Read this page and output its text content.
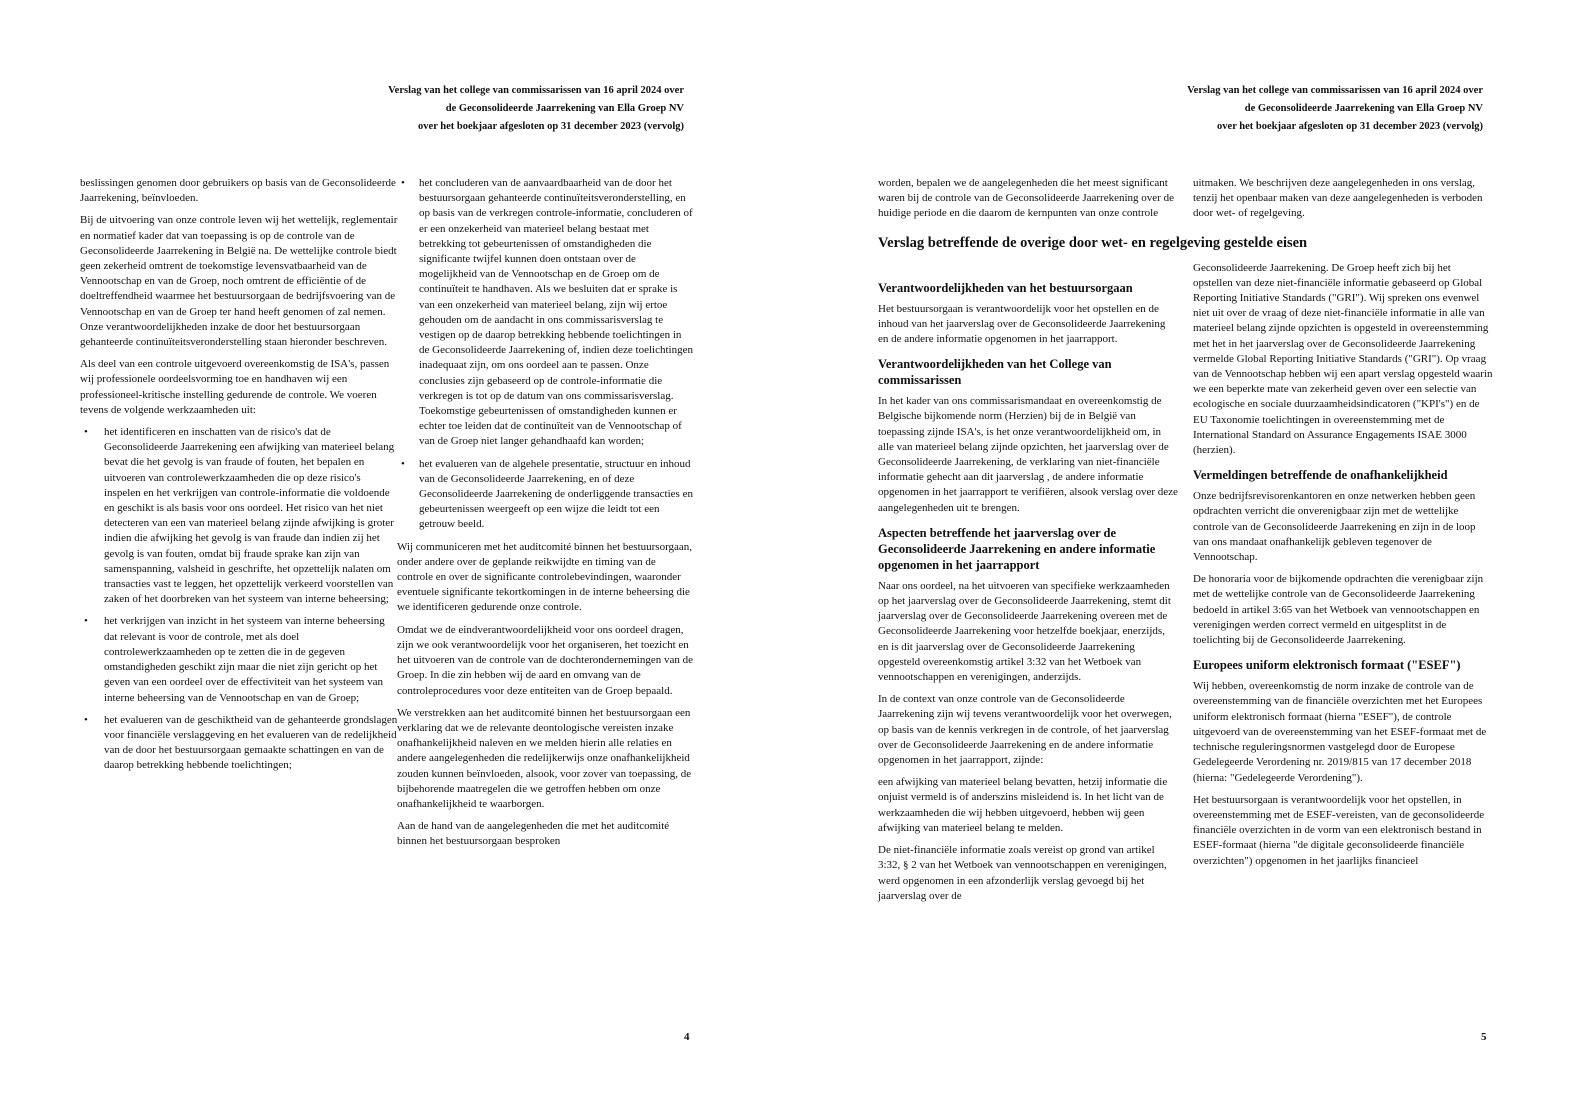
Verslag van het college van commissarissen van 16 april 2024 over
de Geconsolideerde Jaarrekening van Ella Groep NV
over het boekjaar afgesloten op 31 december 2023 (vervolg)

beslissingen genomen door gebruikers op basis van de Geconsolideerde Jaarrekening, beïnvloeden.

Bij de uitvoering van onze controle leven wij het wettelijk, reglementair en normatief kader dat van toepassing is op de controle van de Geconsolideerde Jaarrekening in België na. De wettelijke controle biedt geen zekerheid omtrent de toekomstige levensvatbaarheid van de Vennootschap en van de Groep, noch omtrent de efficiëntie of de doeltreffendheid waarmee het bestuursorgaan de bedrijfsvoering van de Vennootschap en van de Groep ter hand heeft genomen of zal nemen. Onze verantwoordelijkheden inzake de door het bestuursorgaan gehanteerde continuïteitsveronderstelling staan hieronder beschreven.

Als deel van een controle uitgevoerd overeenkomstig de ISA's, passen wij professionele oordeelsvorming toe en handhaven wij een professioneel-kritische instelling gedurende de controle. We voeren tevens de volgende werkzaamheden uit:

• het identificeren en inschatten van de risico's dat de Geconsolideerde Jaarrekening een afwijking van materieel belang bevat die het gevolg is van fraude of fouten, het bepalen en uitvoeren van controlewerkzaamheden die op deze risico's inspelen en het verkrijgen van controle-informatie die voldoende en geschikt is als basis voor ons oordeel. Het risico van het niet detecteren van een van materieel belang zijnde afwijking is groter indien die afwijking het gevolg is van fraude dan indien zij het gevolg is van fouten, omdat bij fraude sprake kan zijn van samenspanning, valsheid in geschrifte, het opzettelijk nalaten om transacties vast te leggen, het opzettelijk verkeerd voorstellen van zaken of het doorbreken van het systeem van interne beheersing;
• het verkrijgen van inzicht in het systeem van interne beheersing dat relevant is voor de controle, met als doel controlewerkzaamheden op te zetten die in de gegeven omstandigheden geschikt zijn maar die niet zijn gericht op het geven van een oordeel over de effectiviteit van het systeem van interne beheersing van de Vennootschap en van de Groep;
• het evalueren van de geschiktheid van de gehanteerde grondslagen voor financiële verslaggeving en het evalueren van de redelijkheid van de door het bestuursorgaan gemaakte schattingen en van de daarop betrekking hebbende toelichtingen;
• het concluderen van de aanvaardbaarheid van de door het bestuursorgaan gehanteerde continuïteitsveronderstelling, en op basis van de verkregen controle-informatie, concluderen of er een onzekerheid van materieel belang bestaat met betrekking tot gebeurtenissen of omstandigheden die significante twijfel kunnen doen ontstaan over de mogelijkheid van de Vennootschap en de Groep om de continuïteit te handhaven. Als we besluiten dat er sprake is van een onzekerheid van materieel belang, zijn wij ertoe gehouden om de aandacht in ons commissarisverslag te vestigen op de daarop betrekking hebbende toelichtingen in de Geconsolideerde Jaarrekening of, indien deze toelichtingen inadequaat zijn, om ons oordeel aan te passen. Onze conclusies zijn gebaseerd op de controle-informatie die verkregen is tot op de datum van ons commissarisverslag. Toekomstige gebeurtenissen of omstandigheden kunnen er echter toe leiden dat de continuïteit van de Vennootschap of van de Groep niet langer gehandhaafd kan worden;
• het evalueren van de algehele presentatie, structuur en inhoud van de Geconsolideerde Jaarrekening, en of deze Geconsolideerde Jaarrekening de onderliggende transacties en gebeurtenissen weergeeft op een wijze die leidt tot een getrouw beeld.

Wij communiceren met het auditcomité binnen het bestuursorgaan, onder andere over de geplande reikwijdte en timing van de controle en over de significante controlebevindingen, waaronder eventuele significante tekortkomingen in de interne beheersing die we identificeren gedurende onze controle.

Omdat we de eindverantwoordelijkheid voor ons oordeel dragen, zijn we ook verantwoordelijk voor het organiseren, het toezicht en het uitvoeren van de controle van de dochterondernemingen van de Groep. In die zin hebben wij de aard en omvang van de controleprocedures voor deze entiteiten van de Groep bepaald.

We verstrekken aan het auditcomité binnen het bestuursorgaan een verklaring dat we de relevante deontologische vereisten inzake onafhankelijkheid naleven en we melden hierin alle relaties en andere aangelegenheden die redelijkerwijs onze onafhankelijkheid zouden kunnen beïnvloeden, alsook, voor zover van toepassing, de bijbehorende maatregelen die we getroffen hebben om onze onafhankelijkheid te waarborgen.

Aan de hand van de aangelegenheden die met het auditcomité binnen het bestuursorgaan besproken

4
Verslag van het college van commissarissen van 16 april 2024 over
de Geconsolideerde Jaarrekening van Ella Groep NV
over het boekjaar afgesloten op 31 december 2023 (vervolg)

worden, bepalen we de aangelegenheden die het meest significant waren bij de controle van de Geconsolideerde Jaarrekening over de huidige periode en die daarom de kernpunten van onze controle

Verantwoordelijkheden van het bestuursorgaan

Het bestuursorgaan is verantwoordelijk voor het opstellen en de inhoud van het jaarverslag over de Geconsolideerde Jaarrekening en de andere informatie opgenomen in het jaarrapport.

Verantwoordelijkheden van het College van commissarissen

In het kader van ons commissarismandaat en overeenkomstig de Belgische bijkomende norm (Herzien) bij de in België van toepassing zijnde ISA's, is het onze verantwoordelijkheid om, in alle van materieel belang zijnde opzichten, het jaarverslag over de Geconsolideerde Jaarrekening, de verklaring van niet-financiële informatie gehecht aan dit jaarverslag , de andere informatie opgenomen in het jaarrapport te verifiëren, alsook verslag over deze aangelegenheden uit te brengen.

Aspecten betreffende het jaarverslag over de Geconsolideerde Jaarrekening en andere informatie opgenomen in het jaarrapport

Naar ons oordeel, na het uitvoeren van specifieke werkzaamheden op het jaarverslag over de Geconsolideerde Jaarrekening, stemt dit jaarverslag over de Geconsolideerde Jaarrekening overeen met de Geconsolideerde Jaarrekening voor hetzelfde boekjaar, enerzijds, en is dit jaarverslag over de Geconsolideerde Jaarrekening opgesteld overeenkomstig artikel 3:32 van het Wetboek van vennootschappen en verenigingen, anderzijds.

In de context van onze controle van de Geconsolideerde Jaarrekening zijn wij tevens verantwoordelijk voor het overwegen, op basis van de kennis verkregen in de controle, of het jaarverslag over de Geconsolideerde Jaarrekening en de andere informatie opgenomen in het jaarrapport, zijnde:

een afwijking van materieel belang bevatten, hetzij informatie die onjuist vermeld is of anderszins misleidend is. In het licht van de werkzaamheden die wij hebben uitgevoerd, hebben wij geen afwijking van materieel belang te melden.

De niet-financiële informatie zoals vereist op grond van artikel 3:32, § 2 van het Wetboek van vennootschappen en verenigingen, werd opgenomen in een afzonderlijk verslag gevoegd bij het jaarverslag over de

Verslag betreffende de overige door wet- en regelgeving gestelde eisen

uitmaken. We beschrijven deze aangelegenheden in ons verslag, tenzij het openbaar maken van deze aangelegenheden is verboden door wet- of regelgeving.

Geconsolideerde Jaarrekening. De Groep heeft zich bij het opstellen van deze niet-financiële informatie gebaseerd op Global Reporting Initiative Standards ("GRI"). Wij spreken ons evenwel niet uit over de vraag of deze niet-financiële informatie in alle van materieel belang zijnde opzichten is opgesteld in overeenstemming met het in het jaarverslag over de Geconsolideerde Jaarrekening vermelde Global Reporting Initiative Standards ("GRI"). Op vraag van de Vennootschap hebben wij een apart verslag opgesteld waarin we een beperkte mate van zekerheid geven over een selectie van ecologische en sociale duurzaamheidsindicatoren ("KPI's") en de EU Taxonomie toelichtingen in overeenstemming met de International Standard on Assurance Engagements ISAE 3000 (herzien).

Vermeldingen betreffende de onafhankelijkheid

Onze bedrijfsrevisorenkantoren en onze netwerken hebben geen opdrachten verricht die onverenigbaar zijn met de wettelijke controle van de Geconsolideerde Jaarrekening en zijn in de loop van ons mandaat onafhankelijk gebleven tegenover de Vennootschap.

De honoraria voor de bijkomende opdrachten die verenigbaar zijn met de wettelijke controle van de Geconsolideerde Jaarrekening bedoeld in artikel 3:65 van het Wetboek van vennootschappen en verenigingen werden correct vermeld en uitgesplitst in de toelichting bij de Geconsolideerde Jaarrekening.

Europees uniform elektronisch formaat ("ESEF")

Wij hebben, overeenkomstig de norm inzake de controle van de overeenstemming van de financiële overzichten met het Europees uniform elektronisch formaat (hierna "ESEF"), de controle uitgevoerd van de overeenstemming van het ESEF-formaat met de technische reguleringsnormen vastgelegd door de Europese Gedelegeerde Verordening nr. 2019/815 van 17 december 2018 (hierna: "Gedelegeerde Verordening").

Het bestuursorgaan is verantwoordelijk voor het opstellen, in overeenstemming met de ESEF-vereisten, van de geconsolideerde financiële overzichten in de vorm van een elektronisch bestand in ESEF-formaat (hierna "de digitale geconsolideerde financiële overzichten") opgenomen in het jaarlijks financieel

5
